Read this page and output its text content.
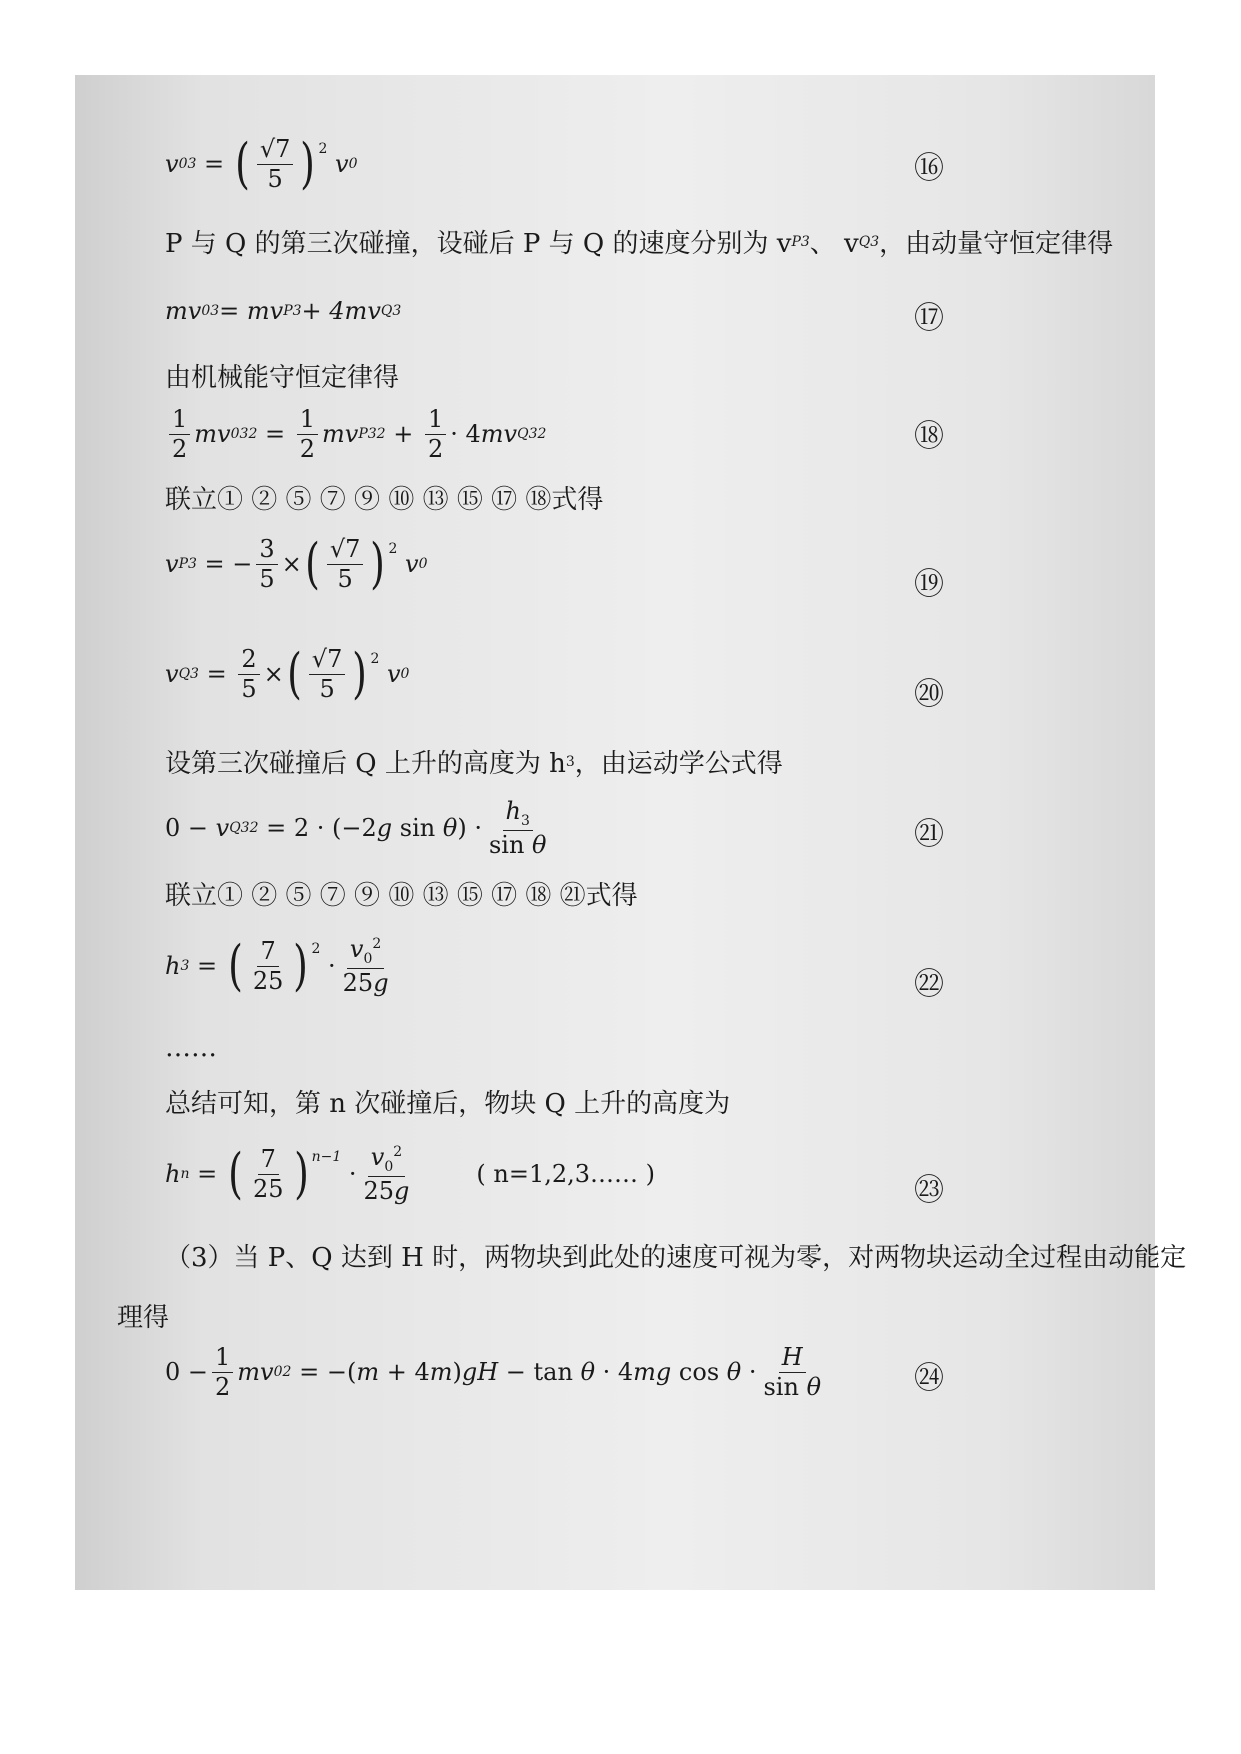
v 03 = ( $\frac{√7}{5}$ ) 2
v 0	⑯
P 与 Q 的第三次碰撞，设碰后 P 与 Q 的速度分别为 v P3 、 v Q3 ，由动量守恒定律得
mv 03 = mv P3 + 4mv Q3	⑰
由机械能守恒定律得
$\frac{1}{2}$ mv 03 $2 = \frac{1}{2}$ mv P3 $2 + \frac{1}{2} \cdot 4$ mv Q3 2	⑱
联立① ② ⑤ ⑦ ⑨ ⑩ ⑬ ⑮ ⑰ ⑱式得
v P3 = − $\frac{3}{5}$ × ( $\frac{√7}{5}$ ) 2
v 0
⑲
v $Q3 = \frac{2}{5}$ × ( $\frac{√7}{5}$ ) 2
v 0
⑳
设第三次碰撞后 Q 上升的高度为 h 3 ，由运动学公式得
0 − v Q3 2 = 2 · (−2 g sin θ ) · $\frac{h_3}{\text{sin θ}}$	㉑
联立① ② ⑤ ⑦ ⑨ ⑩ ⑬ ⑮ ⑰ ⑱ ㉑式得
h 3 = ( $\frac{7}{25}$ ) 2
· $\frac{v_0^2}{25g}$	㉒
……
总结可知，第 n 次碰撞后，物块 Q 上升的高度为
h n = ( $\frac{7}{25}$ ) n−1
· $\frac{v_0^2}{25g}$	( n=1,2,3…… )	㉓
（3）当 P、Q 达到 H 时，两物块到此处的速度可视为零，对两物块运动全过程由动能定
理得
$0 - \frac{1}{2}$ mv 0 2 = −( m + 4 m ) gH − tan θ · 4 mg $\cos \theta \cdot \frac{H}{\text{sin θ}}$	㉔
